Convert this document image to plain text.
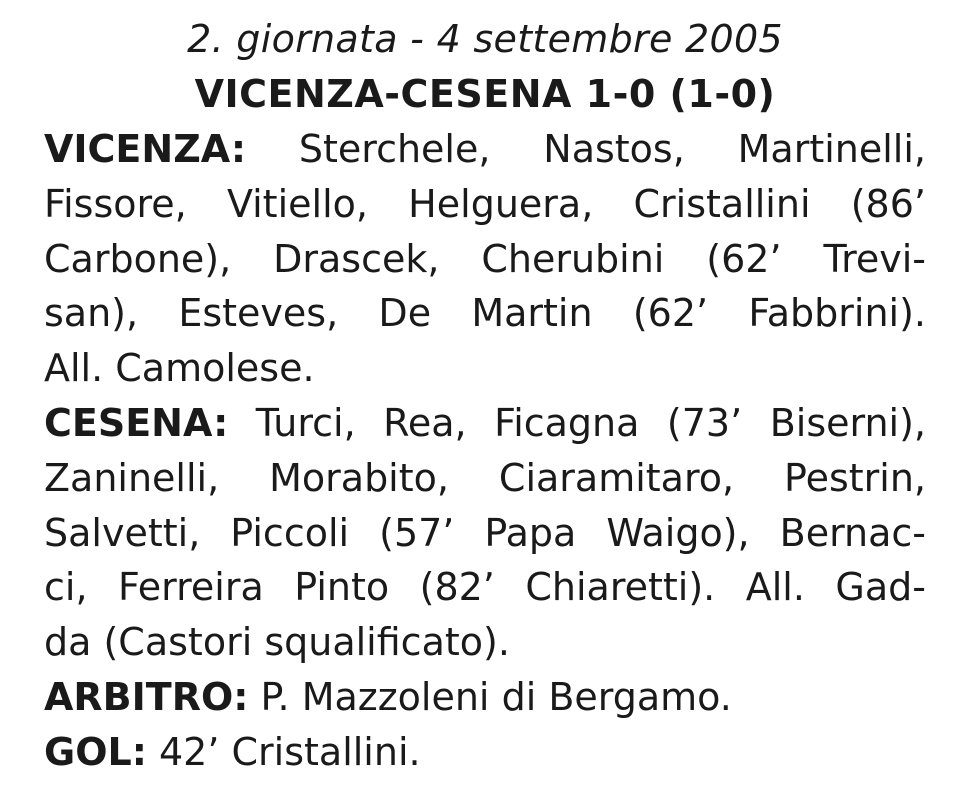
2. giornata - 4 settembre 2005
VICENZA-CESENA 1-0 (1-0)
VICENZA: Sterchele, Nastos, Martinelli,
Fissore, Vitiello, Helguera, Cristallini (86’
Carbone), Drascek, Cherubini (62’ Trevi-
san), Esteves, De Martin (62’ Fabbrini).
All. Camolese.
CESENA: Turci, Rea, Ficagna (73’ Biserni),
Zaninelli, Morabito, Ciaramitaro, Pestrin,
Salvetti, Piccoli (57’ Papa Waigo), Bernac-
ci, Ferreira Pinto (82’ Chiaretti). All. Gad-
da (Castori squalificato).
ARBITRO: P. Mazzoleni di Bergamo.
GOL: 42’ Cristallini.
